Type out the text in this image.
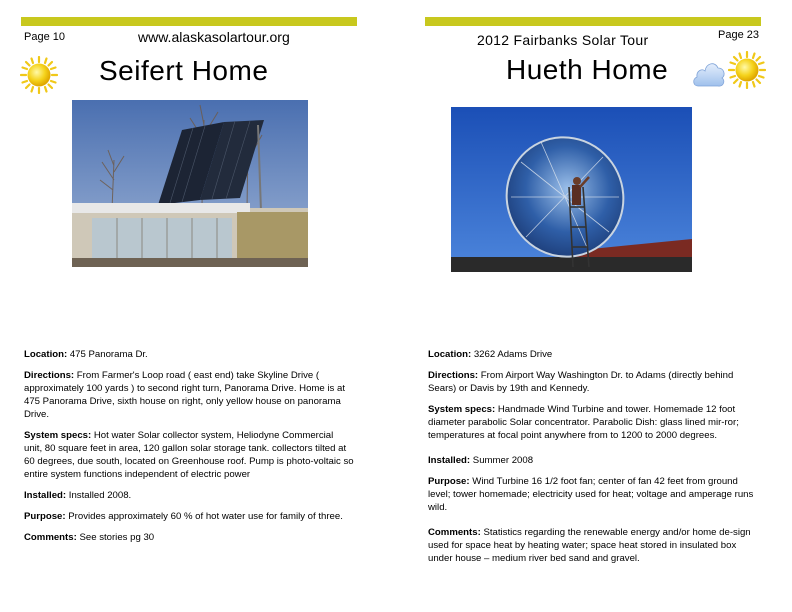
Page 10	www.alaskasolartour.org
Seifert Home

Location: 475 Panorama Dr.

Directions: From Farmer's Loop road ( east end) take Skyline Drive ( approximately 100 yards ) to second right turn, Panorama Drive. Home is at 475 Panorama Drive, sixth house on right, only yellow house on panorama Drive.

System specs: Hot water Solar collector system, Heliodyne Commercial unit, 80 square feet in area, 120 gallon solar storage tank. collectors tilted at 60 degrees, due south, located on Greenhouse roof. Pump is photo-voltaic so entire system functions independent of electric power

Installed: Installed 2008.

Purpose: Provides approximately 60 % of hot water use for family of three.

Comments: See stories pg 30

2012 Fairbanks Solar Tour	Page 23
Hueth Home

Location: 3262 Adams Drive

Directions: From Airport Way Washington Dr. to Adams (directly behind Sears) or Davis by 19th and Kennedy.

System specs: Handmade Wind Turbine and tower. Homemade 12 foot diameter parabolic Solar concentrator. Parabolic Dish: glass lined mir-ror; temperatures at focal point anywhere from to 1200 to 2000 degrees.

Installed: Summer 2008

Purpose: Wind Turbine 16 1/2 foot fan; center of fan 42 feet from ground level; tower homemade; electricity used for heat; voltage and amperage runs wild.

Comments: Statistics regarding the renewable energy and/or home de-sign used for space heat by heating water; space heat stored in insulated box under house – medium river bed sand and gravel.
